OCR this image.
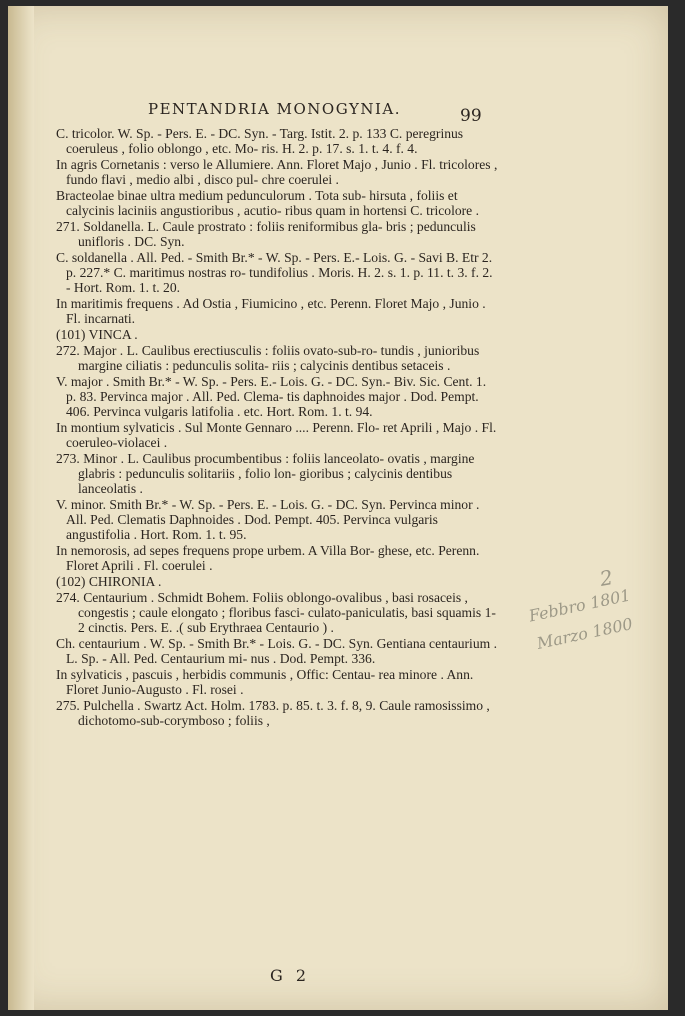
PENTANDRIA MONOGYNIA.	99
C. tricolor. W. Sp. - Pers. E. - DC. Syn. - Targ. Istit. 2. p. 133 C. peregrinus coeruleus , folio oblongo , etc. Mo- ris. H. 2. p. 17. s. 1. t. 4. f. 4.
In agris Cornetanis : verso le Allumiere. Ann. Floret Majo , Junio . Fl. tricolores , fundo flavi , medio albi , disco pul- chre coerulei .
Bracteolae binae ultra medium pedunculorum . Tota sub- hirsuta , foliis et calycinis laciniis angustioribus , acutio- ribus quam in hortensi C. tricolore .
271. Soldanella. L. Caule prostrato : foliis reniformibus gla- bris ; pedunculis unifloris . DC. Syn.
C. soldanella . All. Ped. - Smith Br.* - W. Sp. - Pers. E.- Lois. G. - Savi B. Etr 2. p. 227.* C. maritimus nostras ro- tundifolius . Moris. H. 2. s. 1. p. 11. t. 3. f. 2. - Hort. Rom. 1. t. 20.
In maritimis frequens . Ad Ostia , Fiumicino , etc. Perenn. Floret Majo , Junio . Fl. incarnati.
(101) VINCA .
272. Major . L. Caulibus erectiusculis : foliis ovato-sub-ro- tundis , junioribus margine ciliatis : pedunculis solita- riis ; calycinis dentibus setaceis .
V. major . Smith Br.* - W. Sp. - Pers. E.- Lois. G. - DC. Syn.- Biv. Sic. Cent. 1. p. 83. Pervinca major . All. Ped. Clema- tis daphnoides major . Dod. Pempt. 406. Pervinca vulgaris latifolia . etc. Hort. Rom. 1. t. 94.
In montium sylvaticis . Sul Monte Gennaro .... Perenn. Flo- ret Aprili , Majo . Fl. coeruleo-violacei .
273. Minor . L. Caulibus procumbentibus : foliis lanceolato- ovatis , margine glabris : pedunculis solitariis , folio lon- gioribus ; calycinis dentibus lanceolatis .
V. minor. Smith Br.* - W. Sp. - Pers. E. - Lois. G. - DC. Syn. Pervinca minor . All. Ped. Clematis Daphnoides . Dod. Pempt. 405. Pervinca vulgaris angustifolia . Hort. Rom. 1. t. 95.
In nemorosis, ad sepes frequens prope urbem. A Villa Bor- ghese, etc. Perenn. Floret Aprili . Fl. coerulei .
(102) CHIRONIA .
274. Centaurium . Schmidt Bohem. Foliis oblongo-ovalibus , basi rosaceis , congestis ; caule elongato ; floribus fasci- culato-paniculatis, basi squamis 1-2 cinctis. Pers. E. .( sub Erythraea Centaurio ) .
Ch. centaurium . W. Sp. - Smith Br.* - Lois. G. - DC. Syn. Gentiana centaurium . L. Sp. - All. Ped. Centaurium mi- nus . Dod. Pempt. 336.
In sylvaticis , pascuis , herbidis communis , Offic: Centau- rea minore . Ann. Floret Junio-Augusto . Fl. rosei .
275. Pulchella . Swartz Act. Holm. 1783. p. 85. t. 3. f. 8, 9. Caule ramosissimo , dichotomo-sub-corymboso ; foliis ,
G 2
2
Febbro 1801
Marzo 1800
